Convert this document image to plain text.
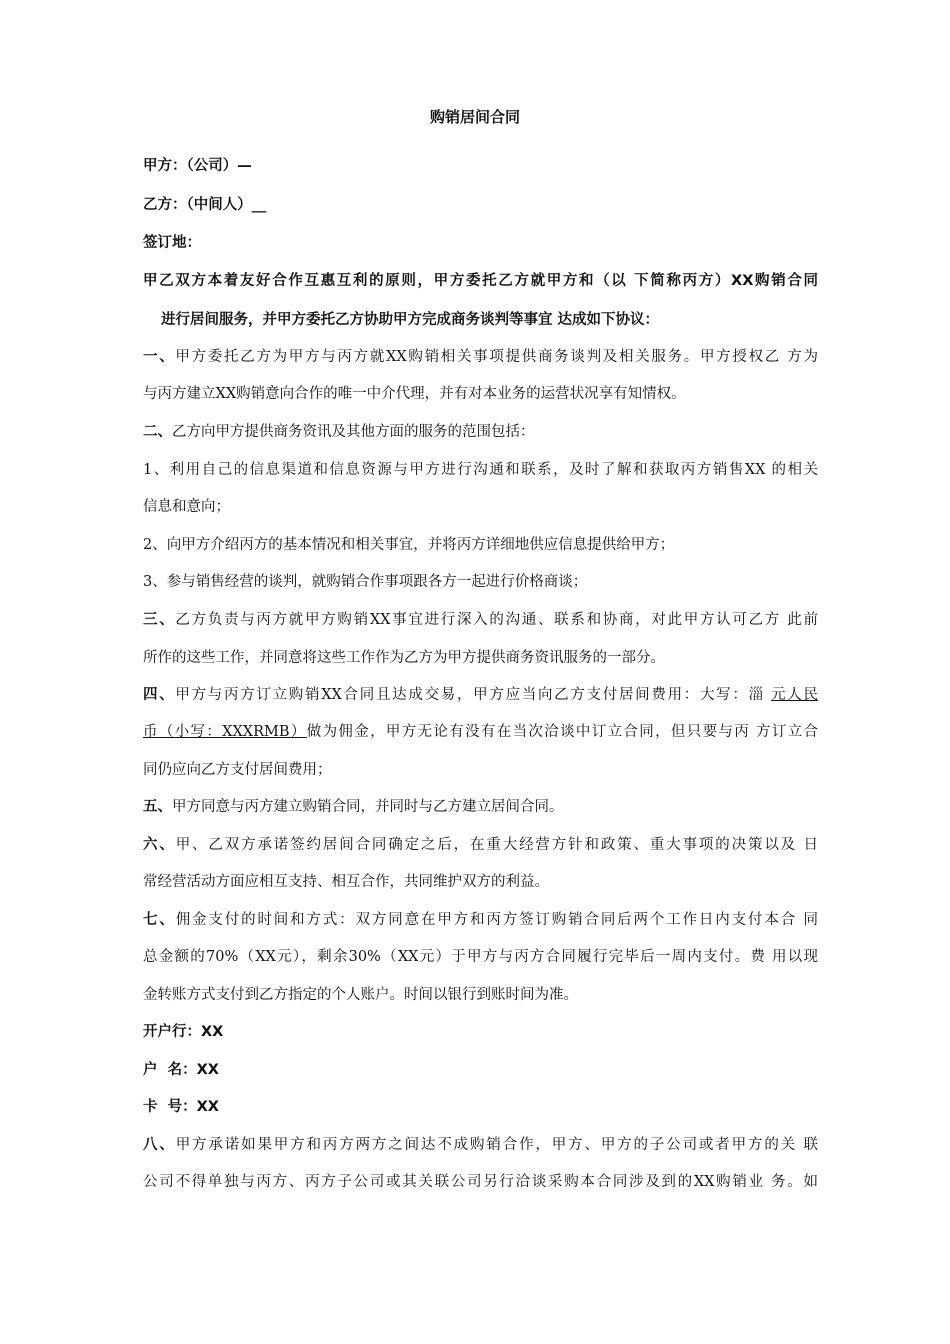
购销居间合同
甲方：（公司）—
乙方：（中间人）__
签订地：
甲乙双方本着友好合作互惠互利的原则，甲方委托乙方就甲方和（以 下简称丙方）XX购销合同
进行居间服务，并甲方委托乙方协助甲方完成商务谈判等事宜 达成如下协议：
一、甲方委托乙方为甲方与丙方就XX购销相关事项提供商务谈判及相关服务。甲方授权乙 方为
与丙方建立XX购销意向合作的唯一中介代理，并有对本业务的运营状况享有知情权。
二、乙方向甲方提供商务资讯及其他方面的服务的范围包括：
1、利用自己的信息渠道和信息资源与甲方进行沟通和联系，及时了解和获取丙方销售XX 的相关
信息和意向；
2、向甲方介绍丙方的基本情况和相关事宜，并将丙方详细地供应信息提供给甲方；
3、参与销售经营的谈判，就购销合作事项跟各方一起进行价格商谈；
三、乙方负责与丙方就甲方购销XX事宜进行深入的沟通、联系和协商，对此甲方认可乙方 此前
所作的这些工作，并同意将这些工作作为乙方为甲方提供商务资讯服务的一部分。
四、甲方与丙方订立购销XX合同且达成交易，甲方应当向乙方支付居间费用：大写：淄 元人民
币（小写：XXXRMB）做为佣金，甲方无论有没有在当次洽谈中订立合同，但只要与丙 方订立合
同仍应向乙方支付居间费用；
五、甲方同意与丙方建立购销合同，并同时与乙方建立居间合同。
六、甲、乙双方承诺签约居间合同确定之后，在重大经营方针和政策、重大事项的决策以及 日
常经营活动方面应相互支持、相互合作，共同维护双方的利益。
七、佣金支付的时间和方式：双方同意在甲方和丙方签订购销合同后两个工作日内支付本合 同
总金额的70%（XX元），剩余30%（XX元）于甲方与丙方合同履行完毕后一周内支付。费 用以现
金转账方式支付到乙方指定的个人账户。时间以银行到账时间为准。
开户行：XX
户  名：XX
卡  号：XX
八、甲方承诺如果甲方和丙方两方之间达不成购销合作，甲方、甲方的子公司或者甲方的关 联
公司不得单独与丙方、丙方子公司或其关联公司另行洽谈采购本合同涉及到的XX购销业 务。如
